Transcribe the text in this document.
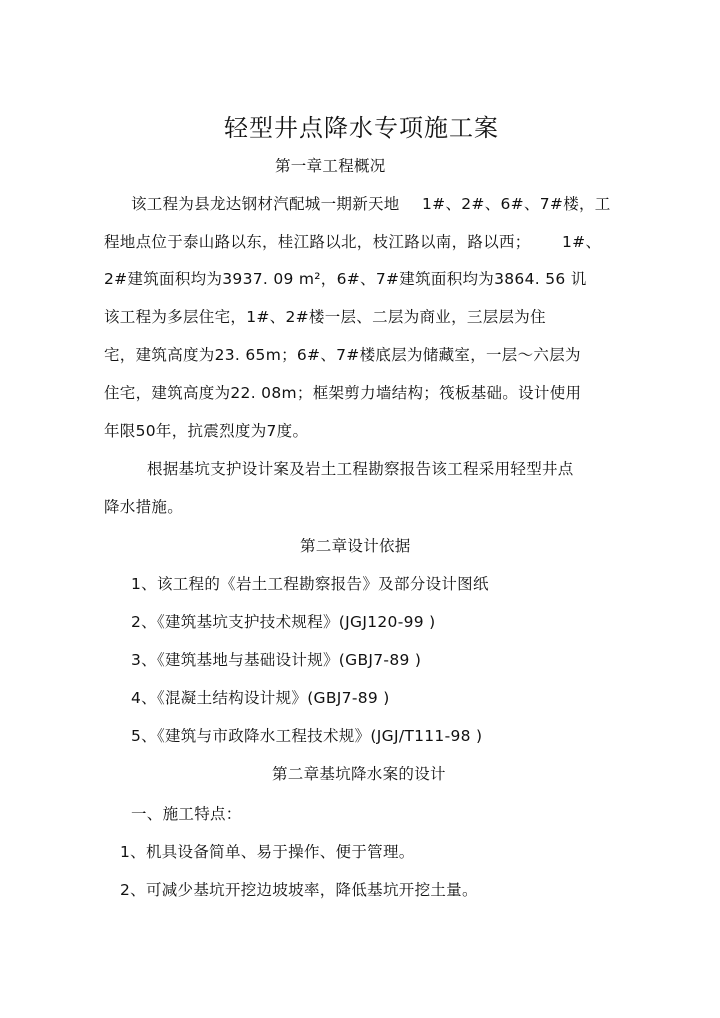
轻型井点降水专项施工案
第一章工程概况
该工程为县龙达钢材汽配城一期新天地 1#、2#、6#、7#楼，工
程地点位于泰山路以东，桂江路以北，枝江路以南，路以西； 1#、
2#建筑面积均为3937. 09 m²，6#、7#建筑面积均为3864. 56 讥
该工程为多层住宅，1#、2#楼一层、二层为商业，三层层为住
宅，建筑高度为23. 65m；6#、7#楼底层为储藏室，一层～六层为
住宅，建筑高度为22. 08m；框架剪力墙结构；筏板基础。设计使用
年限50年，抗震烈度为7度。
根据基坑支护设计案及岩土工程勘察报告该工程采用轻型井点
降水措施。
第二章设计依据
1、该工程的《岩土工程勘察报告》及部分设计图纸
2、《建筑基坑支护技术规程》(JGJ120-99 )
3、《建筑基地与基础设计规》(GBJ7-89 )
4、《混凝土结构设计规》(GBJ7-89 )
5、《建筑与市政降水工程技术规》(JGJ/T111-98 )
第二章基坑降水案的设计
一、施工特点：
1、机具设备简单、易于操作、便于管理。
2、可减少基坑开挖边坡坡率，降低基坑开挖土量。
